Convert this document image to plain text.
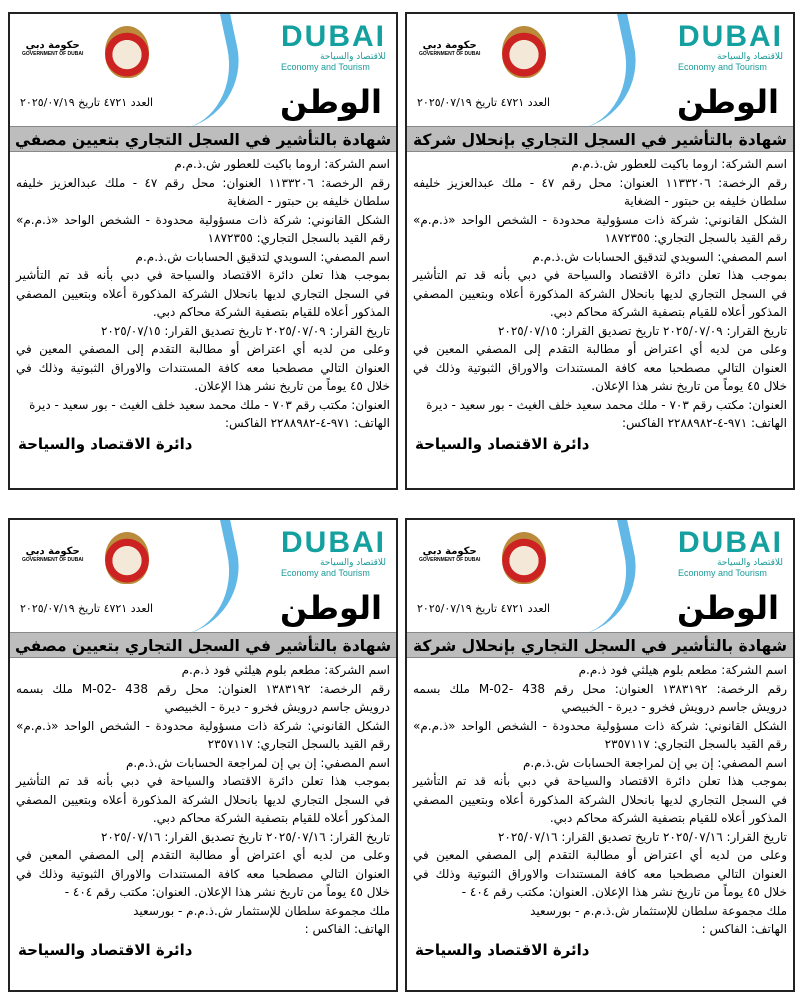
DUBAI
للاقتصاد والسياحة
Economy and Tourism
حكومة دبي
GOVERNMENT OF DUBAI
الوطن
العدد ٤٧٢١ تاريخ ٢٠٢٥/٠٧/١٩
شهادة بالتأشير في السجل التجاري بتعيين مصفي
اسم الشركة: اروما باكيت للعطور ش.ذ.م.م
رقم الرخصة: ١١٣٣٢٠٦ العنوان: محل رقم ٤٧ - ملك عبدالعزيز خليفه
سلطان خليفه بن حبتور - الضغاية
الشكل القانوني: شركة ذات مسؤولية محدودة - الشخص الواحد «ذ.م.م»
رقم القيد بالسجل التجاري: ١٨٧٢٣٥٥
اسم المصفي: السويدي لتدقيق الحسابات ش.ذ.م.م
بموجب هذا تعلن دائرة الاقتصاد والسياحة في دبي بأنه قد تم التأشير
في السجل التجاري لديها بانحلال الشركة المذكورة أعلاه وبتعيين المصفي
المذكور أعلاه للقيام بتصفية الشركة محاكم دبي.
تاريخ القرار: ٢٠٢٥/٠٧/٠٩ تاريخ تصديق القرار: ٢٠٢٥/٠٧/١٥
وعلى من لديه أي اعتراض أو مطالبة التقدم إلى المصفي المعين في
العنوان التالي مصطحبا معه كافة المستندات والاوراق الثبوتية وذلك في
خلال ٤٥ يوماً من تاريخ نشر هذا الإعلان.
العنوان: مكتب رقم ٧٠٣ - ملك محمد سعيد خلف الغيث - بور سعيد - ديرة
الهاتف: ٩٧١-٤-٢٢٨٨٩٨٢ الفاكس:
دائرة الاقتصاد والسياحة
DUBAI
للاقتصاد والسياحة
Economy and Tourism
حكومة دبي
GOVERNMENT OF DUBAI
الوطن
العدد ٤٧٢١ تاريخ ٢٠٢٥/٠٧/١٩
شهادة بالتأشير في السجل التجاري بإنحلال شركة
اسم الشركة: اروما باكيت للعطور ش.ذ.م.م
رقم الرخصة: ١١٣٣٢٠٦ العنوان: محل رقم ٤٧ - ملك عبدالعزيز خليفه
سلطان خليفه بن حبتور - الضغاية
الشكل القانوني: شركة ذات مسؤولية محدودة - الشخص الواحد «ذ.م.م»
رقم القيد بالسجل التجاري: ١٨٧٢٣٥٥
اسم المصفي: السويدي لتدقيق الحسابات ش.ذ.م.م
بموجب هذا تعلن دائرة الاقتصاد والسياحة في دبي بأنه قد تم التأشير
في السجل التجاري لديها بانحلال الشركة المذكورة أعلاه وبتعيين المصفي
المذكور أعلاه للقيام بتصفية الشركة محاكم دبي.
تاريخ القرار: ٢٠٢٥/٠٧/٠٩ تاريخ تصديق القرار: ٢٠٢٥/٠٧/١٥
وعلى من لديه أي اعتراض أو مطالبة التقدم إلى المصفي المعين في
العنوان التالي مصطحبا معه كافة المستندات والاوراق الثبوتية وذلك في
خلال ٤٥ يوماً من تاريخ نشر هذا الإعلان.
العنوان: مكتب رقم ٧٠٣ - ملك محمد سعيد خلف الغيث - بور سعيد - ديرة
الهاتف: ٩٧١-٤-٢٢٨٨٩٨٢ الفاكس:
دائرة الاقتصاد والسياحة
DUBAI
للاقتصاد والسياحة
Economy and Tourism
حكومة دبي
GOVERNMENT OF DUBAI
الوطن
العدد ٤٧٢١ تاريخ ٢٠٢٥/٠٧/١٩
شهادة بالتأشير في السجل التجاري بتعيين مصفي
اسم الشركة: مطعم بلوم هيلثي فود ذ.م.م
رقم الرخصة: ١٣٨٣١٩٢ العنوان: محل رقم 438 -M-02 ملك بسمه
درويش جاسم درويش فخرو - ديرة - الخبيصي
الشكل القانوني: شركة ذات مسؤولية محدودة - الشخص الواحد «ذ.م.م»
رقم القيد بالسجل التجاري: ٢٣٥٧١١٧
اسم المصفي: إن بي إن لمراجعة الحسابات ش.ذ.م.م
بموجب هذا تعلن دائرة الاقتصاد والسياحة في دبي بأنه قد تم التأشير
في السجل التجاري لديها بانحلال الشركة المذكورة أعلاه وبتعيين المصفي
المذكور أعلاه للقيام بتصفية الشركة محاكم دبي.
تاريخ القرار: ٢٠٢٥/٠٧/١٦ تاريخ تصديق القرار: ٢٠٢٥/٠٧/١٦
وعلى من لديه أي اعتراض أو مطالبة التقدم إلى المصفي المعين في
العنوان التالي مصطحبا معه كافة المستندات والاوراق الثبوتية وذلك في
خلال ٤٥ يوماً من تاريخ نشر هذا الإعلان. العنوان: مكتب رقم ٤٠٤ -
ملك مجموعة سلطان للإستثمار ش.ذ.م.م - بورسعيد
الهاتف: الفاكس :
دائرة الاقتصاد والسياحة
DUBAI
للاقتصاد والسياحة
Economy and Tourism
حكومة دبي
GOVERNMENT OF DUBAI
الوطن
العدد ٤٧٢١ تاريخ ٢٠٢٥/٠٧/١٩
شهادة بالتأشير في السجل التجاري بإنحلال شركة
اسم الشركة: مطعم بلوم هيلثي فود ذ.م.م
رقم الرخصة: ١٣٨٣١٩٢ العنوان: محل رقم 438 -M-02 ملك بسمه
درويش جاسم درويش فخرو - ديرة - الخبيصي
الشكل القانوني: شركة ذات مسؤولية محدودة - الشخص الواحد «ذ.م.م»
رقم القيد بالسجل التجاري: ٢٣٥٧١١٧
اسم المصفي: إن بي إن لمراجعة الحسابات ش.ذ.م.م
بموجب هذا تعلن دائرة الاقتصاد والسياحة في دبي بأنه قد تم التأشير
في السجل التجاري لديها بانحلال الشركة المذكورة أعلاه وبتعيين المصفي
المذكور أعلاه للقيام بتصفية الشركة محاكم دبي.
تاريخ القرار: ٢٠٢٥/٠٧/١٦ تاريخ تصديق القرار: ٢٠٢٥/٠٧/١٦
وعلى من لديه أي اعتراض أو مطالبة التقدم إلى المصفي المعين في
العنوان التالي مصطحبا معه كافة المستندات والاوراق الثبوتية وذلك في
خلال ٤٥ يوماً من تاريخ نشر هذا الإعلان. العنوان: مكتب رقم ٤٠٤ -
ملك مجموعة سلطان للإستثمار ش.ذ.م.م - بورسعيد
الهاتف: الفاكس :
دائرة الاقتصاد والسياحة
